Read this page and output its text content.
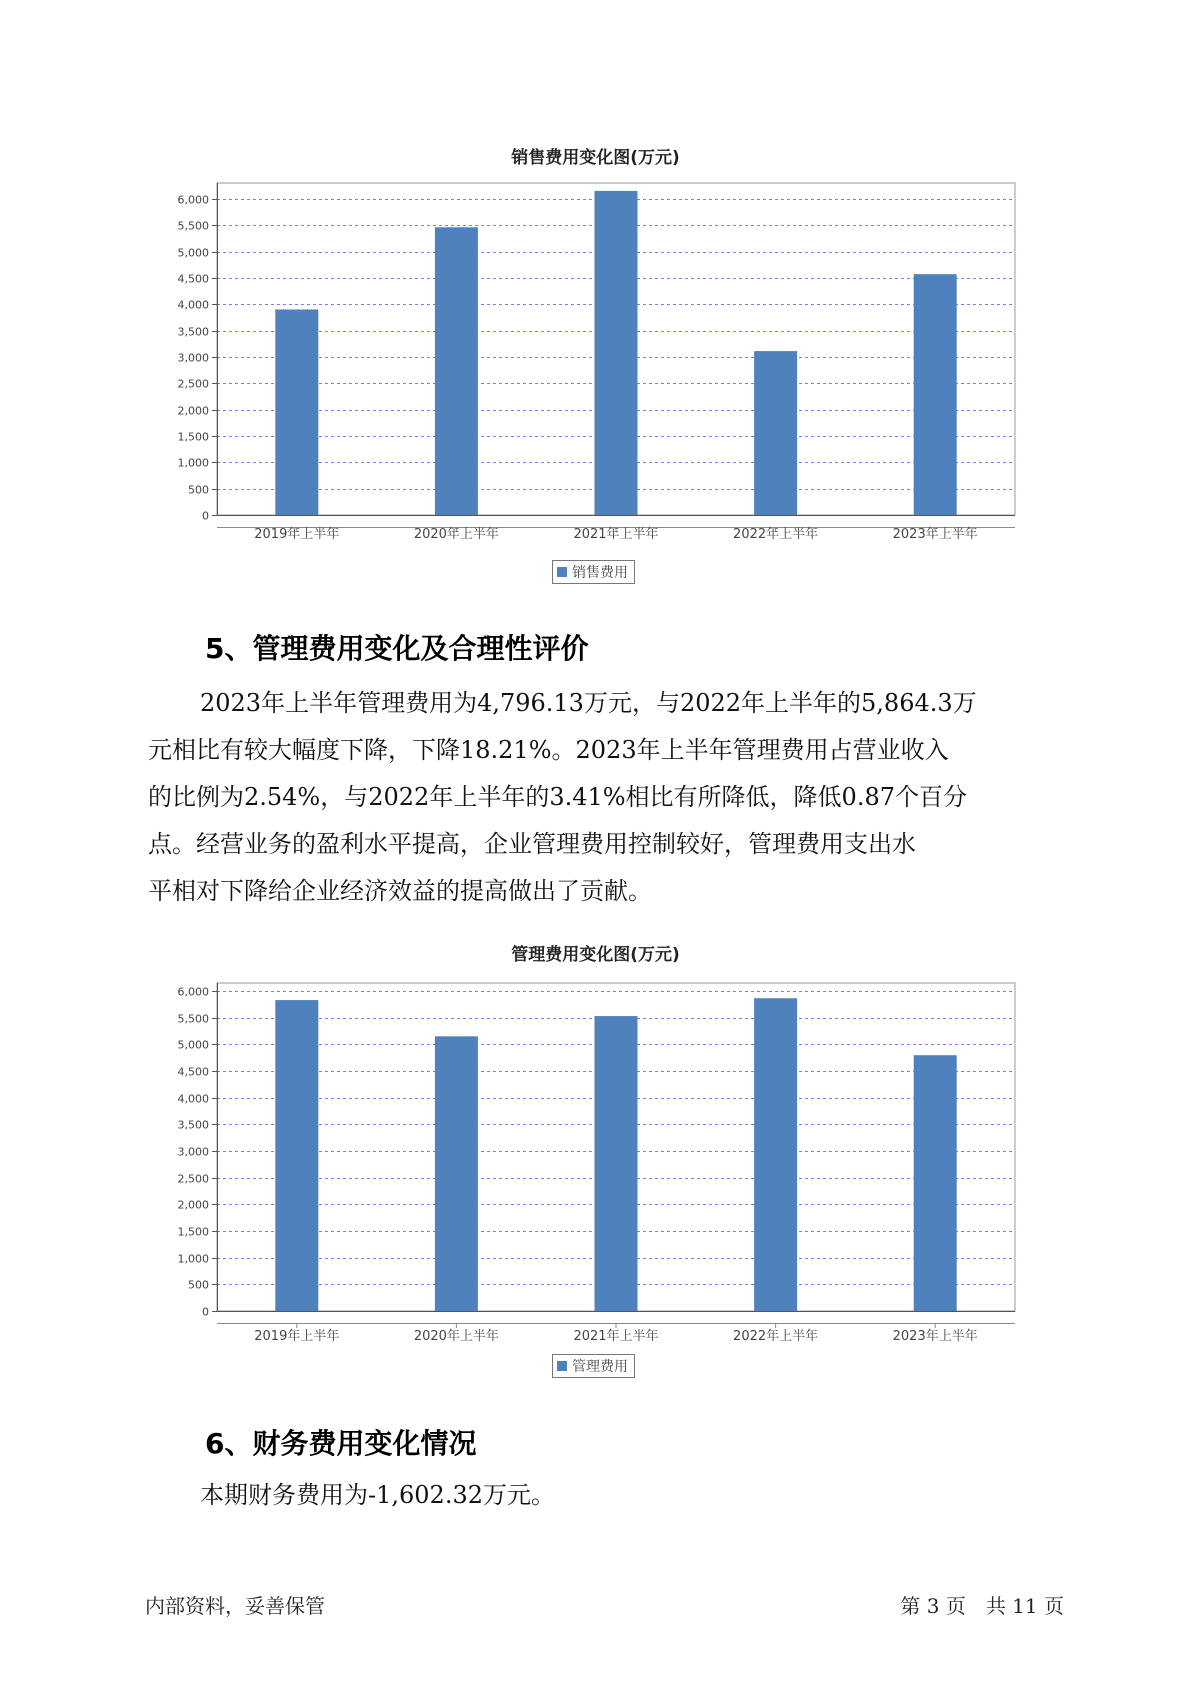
销售费用变化图(万元)
0
500
1,000
1,500
2,000
2,500
3,000
3,500
4,000
4,500
5,000
5,500
6,000
2019年上半年	2020年上半年	2021年上半年	2022年上半年	2023年上半年
销售费用
5、管理费用变化及合理性评价
2023年上半年管理费用为4,796.13万元，与2022年上半年的5,864.3万
元相比有较大幅度下降，下降18.21%。2023年上半年管理费用占营业收入
的比例为2.54%，与2022年上半年的3.41%相比有所降低，降低0.87个百分
点。经营业务的盈利水平提高，企业管理费用控制较好，管理费用支出水
平相对下降给企业经济效益的提高做出了贡献。
管理费用变化图(万元)
0
500
1,000
1,500
2,000
2,500
3,000
3,500
4,000
4,500
5,000
5,500
6,000
2019年上半年	2020年上半年	2021年上半年	2022年上半年	2023年上半年
管理费用
6、财务费用变化情况
本期财务费用为-1,602.32万元。
内部资料，妥善保管	第 3 页　共 11 页
